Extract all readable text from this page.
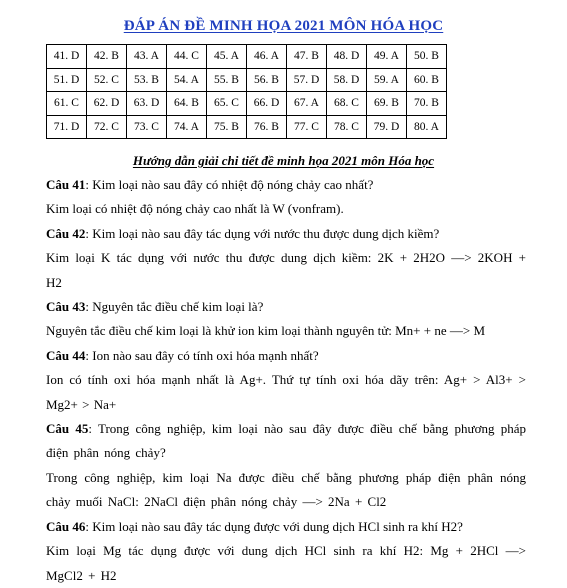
ĐÁP ÁN ĐỀ MINH HỌA 2021 MÔN HÓA HỌC
41. D	42. B	43. A	44. C	45. A	46. A	47. B	48. D	49. A	50. B
51. D	52. C	53. B	54. A	55. B	56. B	57. D	58. D	59. A	60. B
61. C	62. D	63. D	64. B	65. C	66. D	67. A	68. C	69. B	70. B
71. D	72. C	73. C	74. A	75. B	76. B	77. C	78. C	79. D	80. A
Hướng dẫn giải chi tiết đề minh họa 2021 môn Hóa học

Câu 41: Kim loại nào sau đây có nhiệt độ nóng chảy cao nhất?

Kim loại có nhiệt độ nóng chảy cao nhất là W (vonfram).

Câu 42: Kim loại nào sau đây tác dụng với nước thu được dung dịch kiềm?

Kim loại K tác dụng với nước thu được dung dịch kiềm: 2K + 2H2O —> 2KOH + H2

Câu 43: Nguyên tắc điều chế kim loại là?

Nguyên tắc điều chế kim loại là khử ion kim loại thành nguyên tử: Mn+ + ne —> M

Câu 44: Ion nào sau đây có tính oxi hóa mạnh nhất?

Ion có tính oxi hóa mạnh nhất là Ag+. Thứ tự tính oxi hóa dãy trên: Ag+ > Al3+ > Mg2+ > Na+

Câu 45: Trong công nghiệp, kim loại nào sau đây được điều chế bằng phương pháp điện phân nóng chảy?

Trong công nghiệp, kim loại Na được điều chế bằng phương pháp điện phân nóng chảy muối NaCl: 2NaCl điện phân nóng chảy —> 2Na + Cl2

Câu 46: Kim loại nào sau đây tác dụng được với dung dịch HCl sinh ra khí H2?

Kim loại Mg tác dụng được với dung dịch HCl sinh ra khí H2: Mg + 2HCl —> MgCl2 + H2
